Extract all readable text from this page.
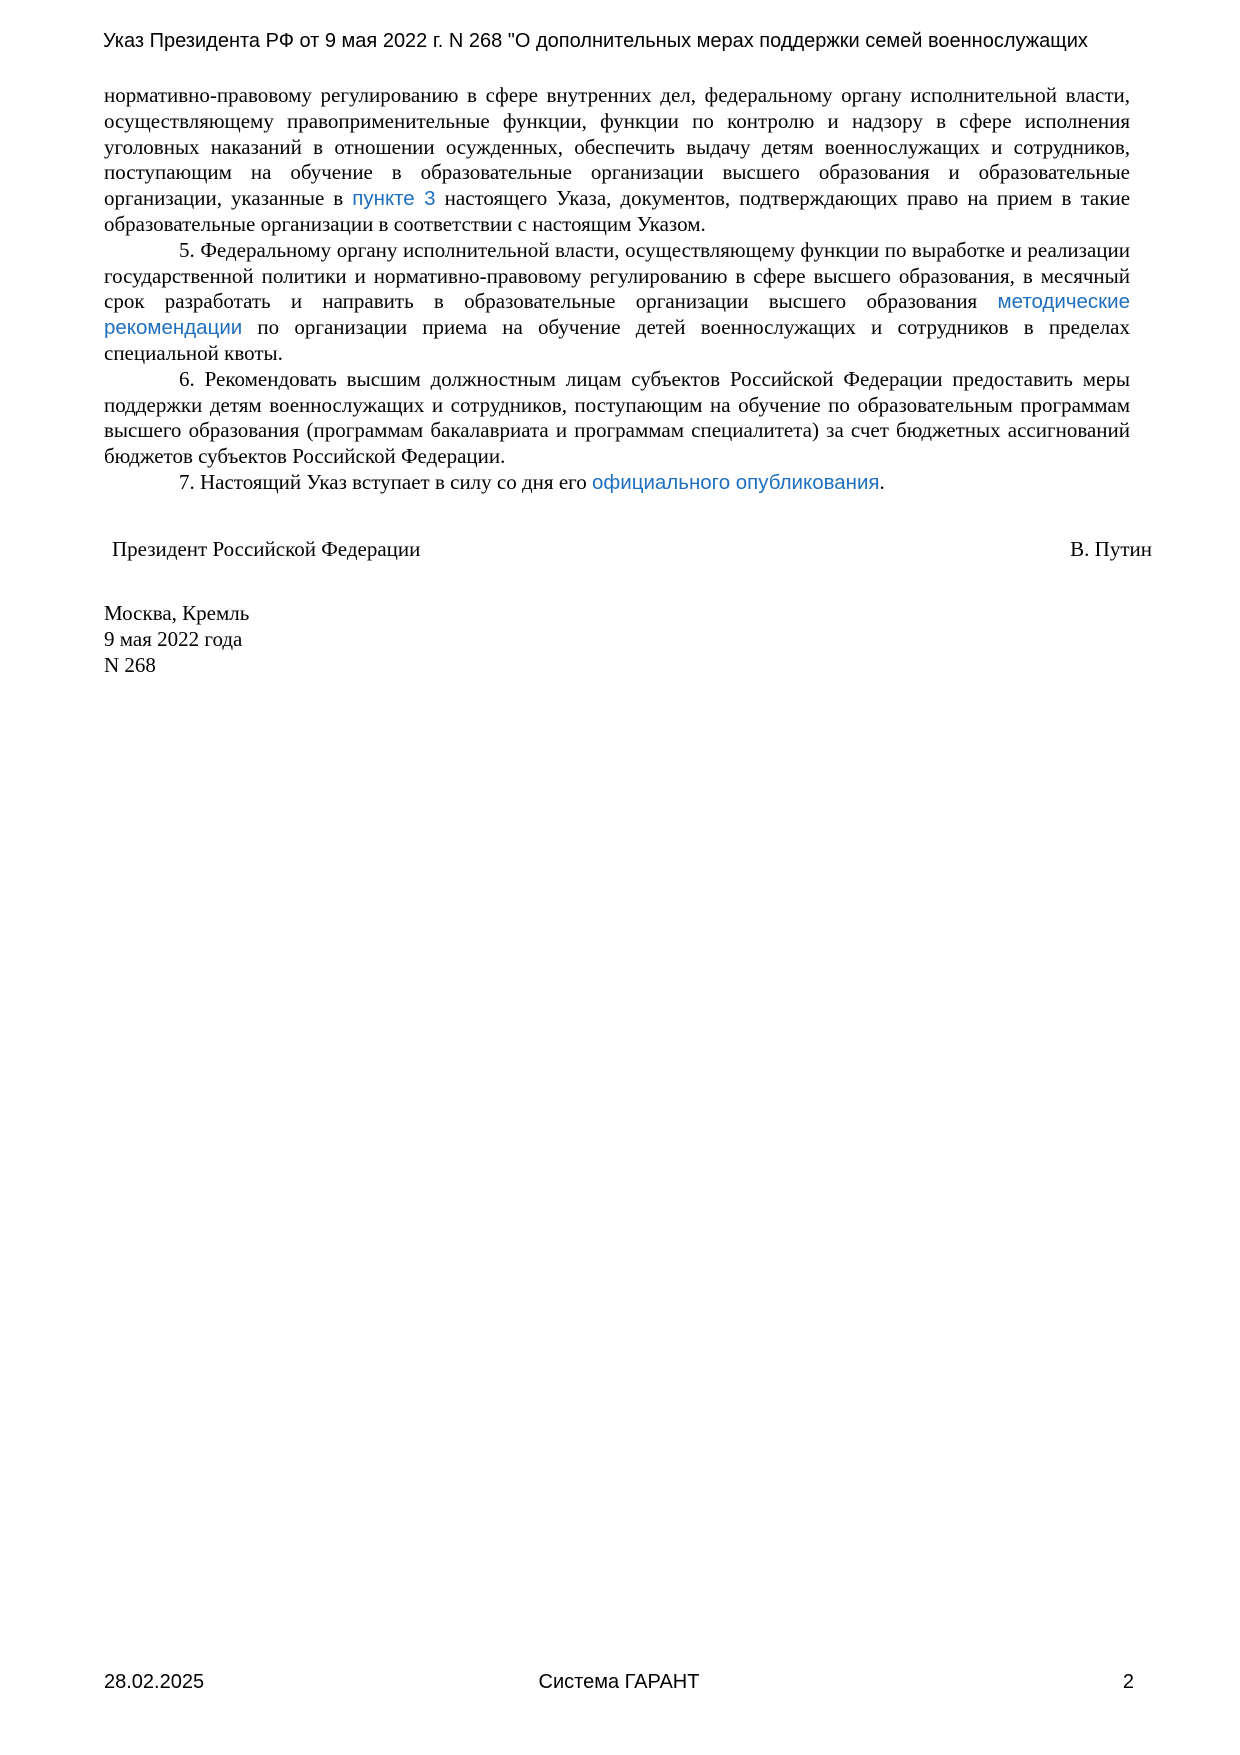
Указ Президента РФ от 9 мая 2022 г. N 268 "О дополнительных мерах поддержки семей военнослужащих

нормативно-правовому регулированию в сфере внутренних дел, федеральному органу исполнительной власти, осуществляющему правоприменительные функции, функции по контролю и надзору в сфере исполнения уголовных наказаний в отношении осужденных, обеспечить выдачу детям военнослужащих и сотрудников, поступающим на обучение в образовательные организации высшего образования и образовательные организации, указанные в пункте 3 настоящего Указа, документов, подтверждающих право на прием в такие образовательные организации в соответствии с настоящим Указом.

5. Федеральному органу исполнительной власти, осуществляющему функции по выработке и реализации государственной политики и нормативно-правовому регулированию в сфере высшего образования, в месячный срок разработать и направить в образовательные организации высшего образования методические рекомендации по организации приема на обучение детей военнослужащих и сотрудников в пределах специальной квоты.

6. Рекомендовать высшим должностным лицам субъектов Российской Федерации предоставить меры поддержки детям военнослужащих и сотрудников, поступающим на обучение по образовательным программам высшего образования (программам бакалавриата и программам специалитета) за счет бюджетных ассигнований бюджетов субъектов Российской Федерации.

7. Настоящий Указ вступает в силу со дня его официального опубликования.

Президент Российской Федерации	В. Путин
Москва, Кремль
9 мая 2022 года
N 268
28.02.2025	Система ГАРАНТ	2
